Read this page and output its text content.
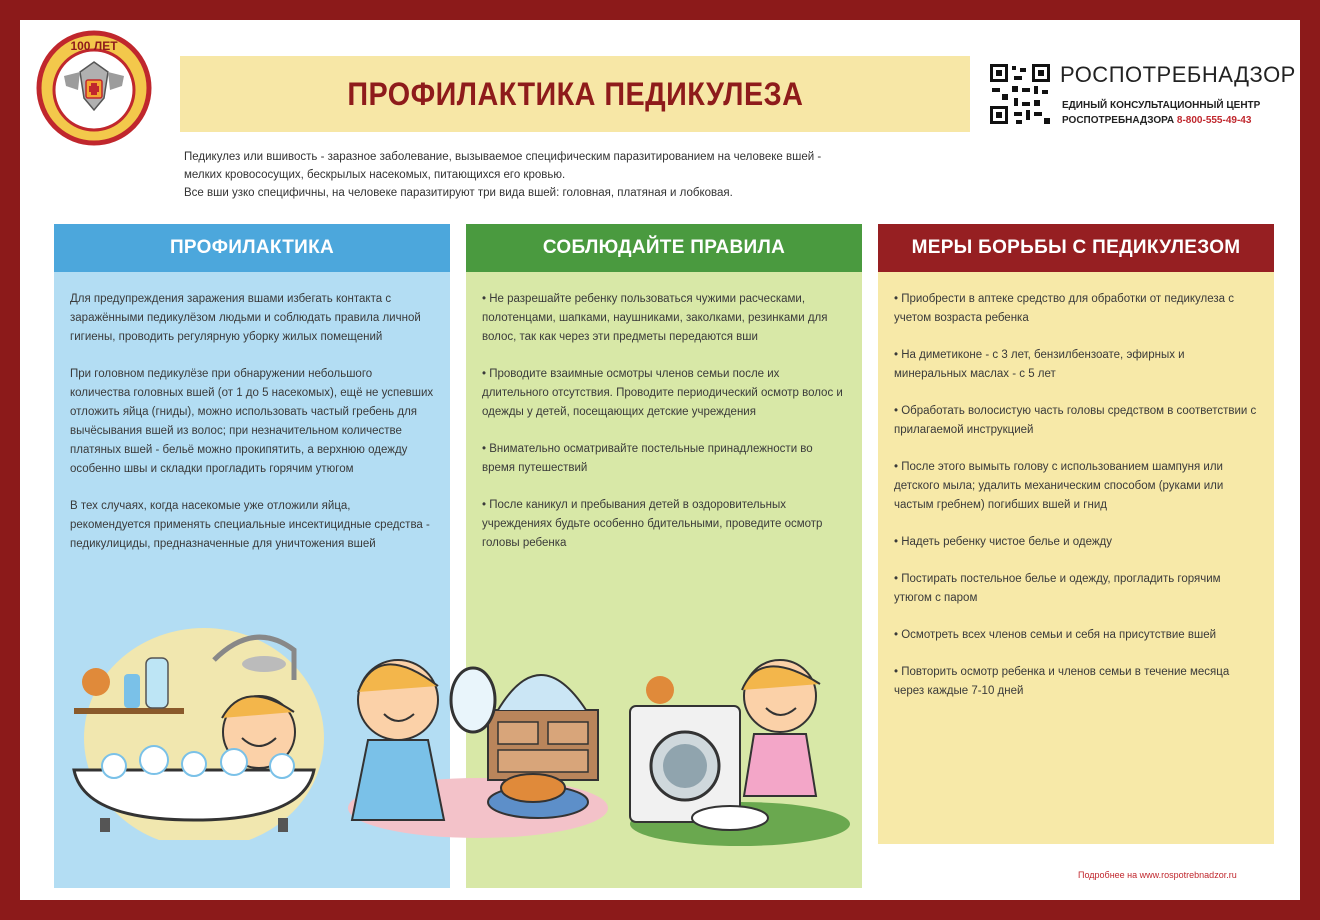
100 ЛЕТ
ПРОФИЛАКТИКА ПЕДИКУЛЕЗА
РОСПОТРЕБНАДЗОР
ЕДИНЫЙ КОНСУЛЬТАЦИОННЫЙ ЦЕНТР
РОСПОТРЕБНАДЗОРА 8-800-555-49-43
Педикулез или вшивость - заразное заболевание, вызываемое специфическим паразитированием на человеке вшей -
мелких кровососущих, бескрылых насекомых, питающихся его кровью.
Все вши узко специфичны, на человеке паразитируют три вида вшей: головная, платяная и лобковая.
ПРОФИЛАКТИКА

Для предупреждения заражения вшами избегать контакта с заражёнными педикулёзом людьми и соблюдать правила личной гигиены, проводить регулярную уборку жилых помещений

При головном педикулёзе при обнаружении небольшого количества головных вшей (от 1 до 5 насекомых), ещё не успевших отложить яйца (гниды), можно использовать частый гребень для вычёсывания вшей из волос; при незначительном количестве платяных вшей - бельё можно прокипятить, а верхнюю одежду особенно швы и складки прогладить горячим утюгом

В тех случаях, когда насекомые уже отложили яйца, рекомендуется применять специальные инсектицидные средства - педикулициды, предназначенные для уничтожения вшей

СОБЛЮДАЙТЕ ПРАВИЛА

• Не разрешайте ребенку пользоваться чужими расческами, полотенцами, шапками, наушниками, заколками, резинками для волос, так как через эти предметы передаются вши

• Проводите взаимные осмотры членов семьи после их длительного отсутствия. Проводите периодический осмотр волос и одежды у детей, посещающих детские учреждения

• Внимательно осматривайте постельные принадлежности во время путешествий

• После каникул и пребывания детей в оздоровительных учреждениях будьте особенно бдительными, проведите осмотр головы ребенка

МЕРЫ БОРЬБЫ С ПЕДИКУЛЕЗОМ

• Приобрести в аптеке средство для обработки от педикулеза с учетом возраста ребенка

• На диметиконе - с 3 лет, бензилбензоате, эфирных и минеральных маслах - с 5 лет

• Обработать волосистую часть головы средством в соответствии с прилагаемой инструкцией

• После этого вымыть голову с использованием шампуня или детского мыла; удалить механическим способом (руками или частым гребнем) погибших вшей и гнид

• Надеть ребенку чистое белье и одежду

• Постирать постельное белье и одежду, прогладить горячим утюгом с паром

• Осмотреть всех членов семьи и себя на присутствие вшей

• Повторить осмотр ребенка и членов семьи в течение месяца через каждые 7-10 дней

Подробнее на www.rospotrebnadzor.ru
